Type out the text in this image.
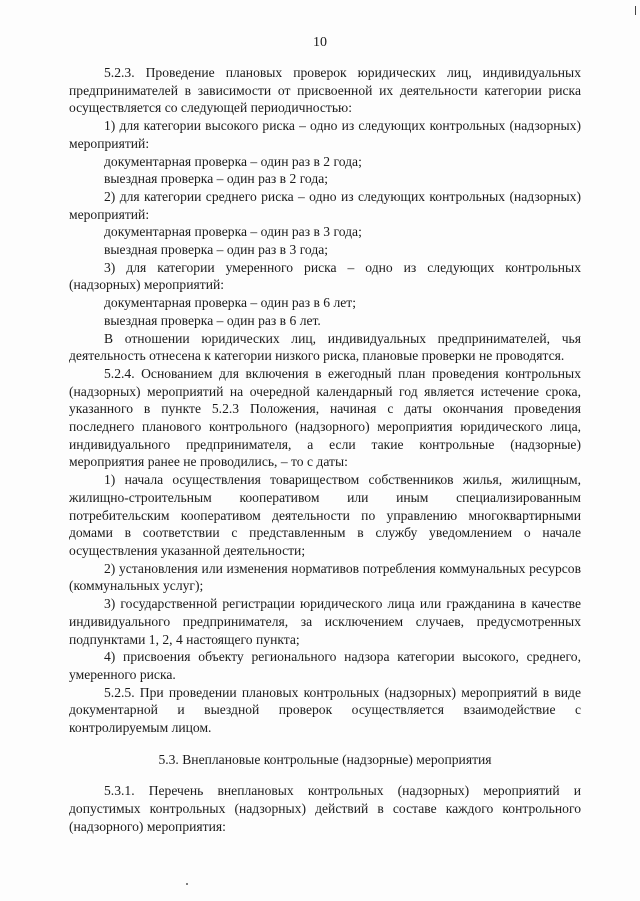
10

5.2.3. Проведение плановых проверок юридических лиц, индивидуальных предпринимателей в зависимости от присвоенной их деятельности категории риска осуществляется со следующей периодичностью:

1) для категории высокого риска – одно из следующих контрольных (надзорных) мероприятий:

документарная проверка – один раз в 2 года;

выездная проверка – один раз в 2 года;

2) для категории среднего риска – одно из следующих контрольных (надзорных) мероприятий:

документарная проверка – один раз в 3 года;

выездная проверка – один раз в 3 года;

3) для категории умеренного риска – одно из следующих контрольных (надзорных) мероприятий:

документарная проверка – один раз в 6 лет;

выездная проверка – один раз в 6 лет.

В отношении юридических лиц, индивидуальных предпринимателей, чья деятельность отнесена к категории низкого риска, плановые проверки не проводятся.

5.2.4. Основанием для включения в ежегодный план проведения контрольных (надзорных) мероприятий на очередной календарный год является истечение срока, указанного в пункте 5.2.3 Положения, начиная с даты окончания проведения последнего планового контрольного (надзорного) мероприятия юридического лица, индивидуального предпринимателя, а если такие контрольные (надзорные) мероприятия ранее не проводились, – то с даты:

1) начала осуществления товариществом собственников жилья, жилищным, жилищно-строительным кооперативом или иным специализированным потребительским кооперативом деятельности по управлению многоквартирными домами в соответствии с представленным в службу уведомлением о начале осуществления указанной деятельности;

2) установления или изменения нормативов потребления коммунальных ресурсов (коммунальных услуг);

3) государственной регистрации юридического лица или гражданина в качестве индивидуального предпринимателя, за исключением случаев, предусмотренных подпунктами 1, 2, 4 настоящего пункта;

4) присвоения объекту регионального надзора категории высокого, среднего, умеренного риска.

5.2.5. При проведении плановых контрольных (надзорных) мероприятий в виде документарной и выездной проверок осуществляется взаимодействие с контролируемым лицом.

5.3. Внеплановые контрольные (надзорные) мероприятия

5.3.1. Перечень внеплановых контрольных (надзорных) мероприятий и допустимых контрольных (надзорных) действий в составе каждого контрольного (надзорного) мероприятия:
